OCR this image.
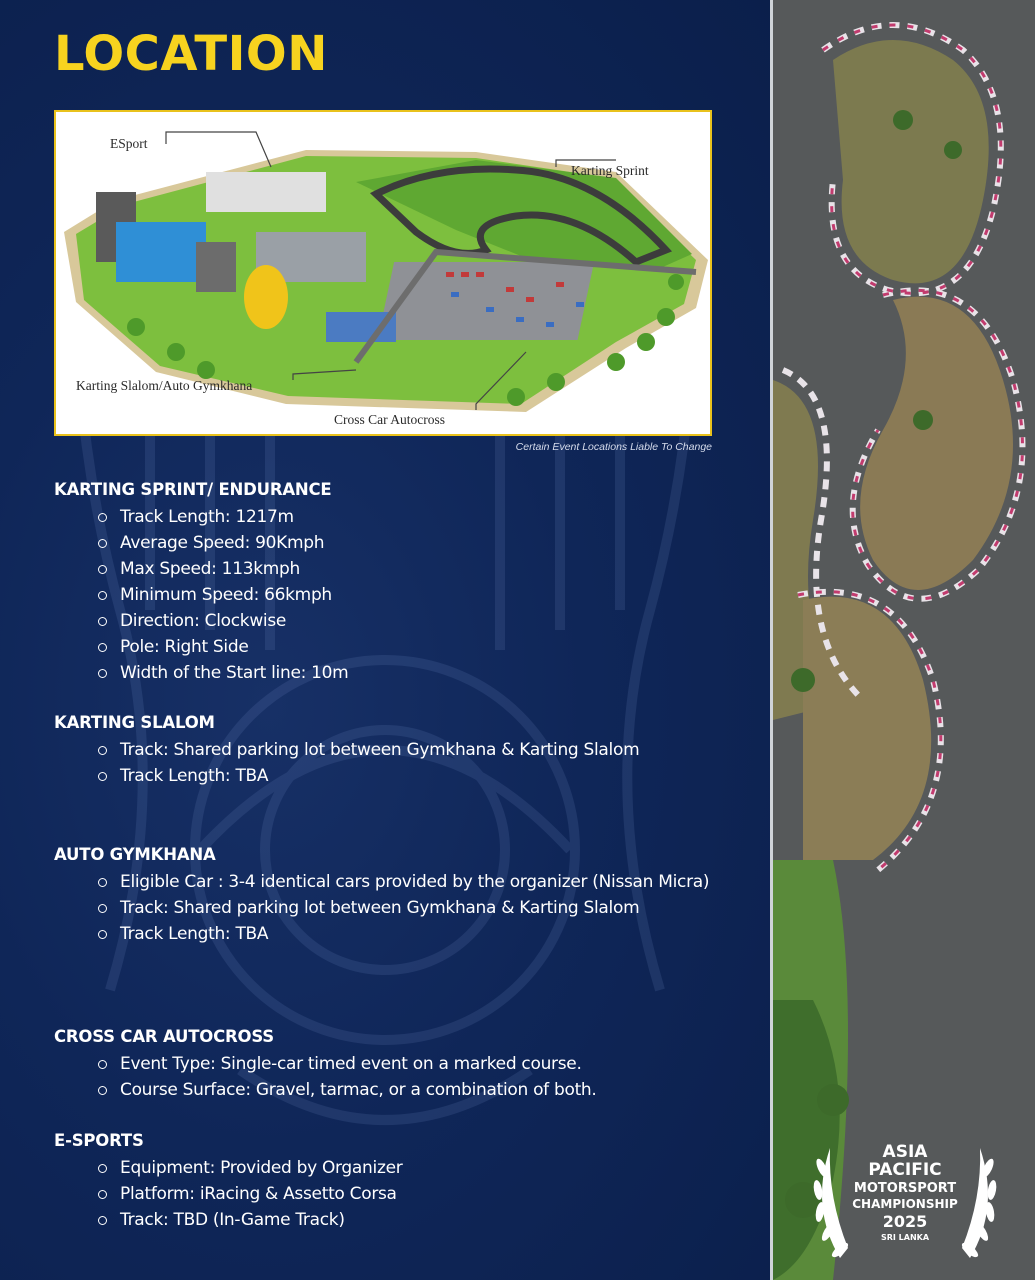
LOCATION
ESport
Karting Sprint
Karting Slalom/Auto Gymkhana
Cross Car Autocross
Certain Event Locations Liable To Change
KARTING SPRINT/ ENDURANCE
Track Length: 1217m
Average Speed: 90Kmph
Max Speed: 113kmph
Minimum Speed: 66kmph
Direction: Clockwise
Pole: Right Side
Width of the Start line: 10m
KARTING SLALOM
Track: Shared parking lot between Gymkhana & Karting Slalom
Track Length: TBA
AUTO GYMKHANA
Eligible Car : 3-4 identical cars provided by the organizer (Nissan Micra)
Track: Shared parking lot between Gymkhana & Karting Slalom
Track Length: TBA
CROSS CAR AUTOCROSS
Event Type: Single-car timed event on a marked course.
Course Surface: Gravel, tarmac, or a combination of both.
E-SPORTS
Equipment: Provided by Organizer
Platform: iRacing & Assetto Corsa
Track: TBD (In-Game Track)
ASIA
PACIFIC
MOTORSPORT
CHAMPIONSHIP
2025
SRI LANKA
